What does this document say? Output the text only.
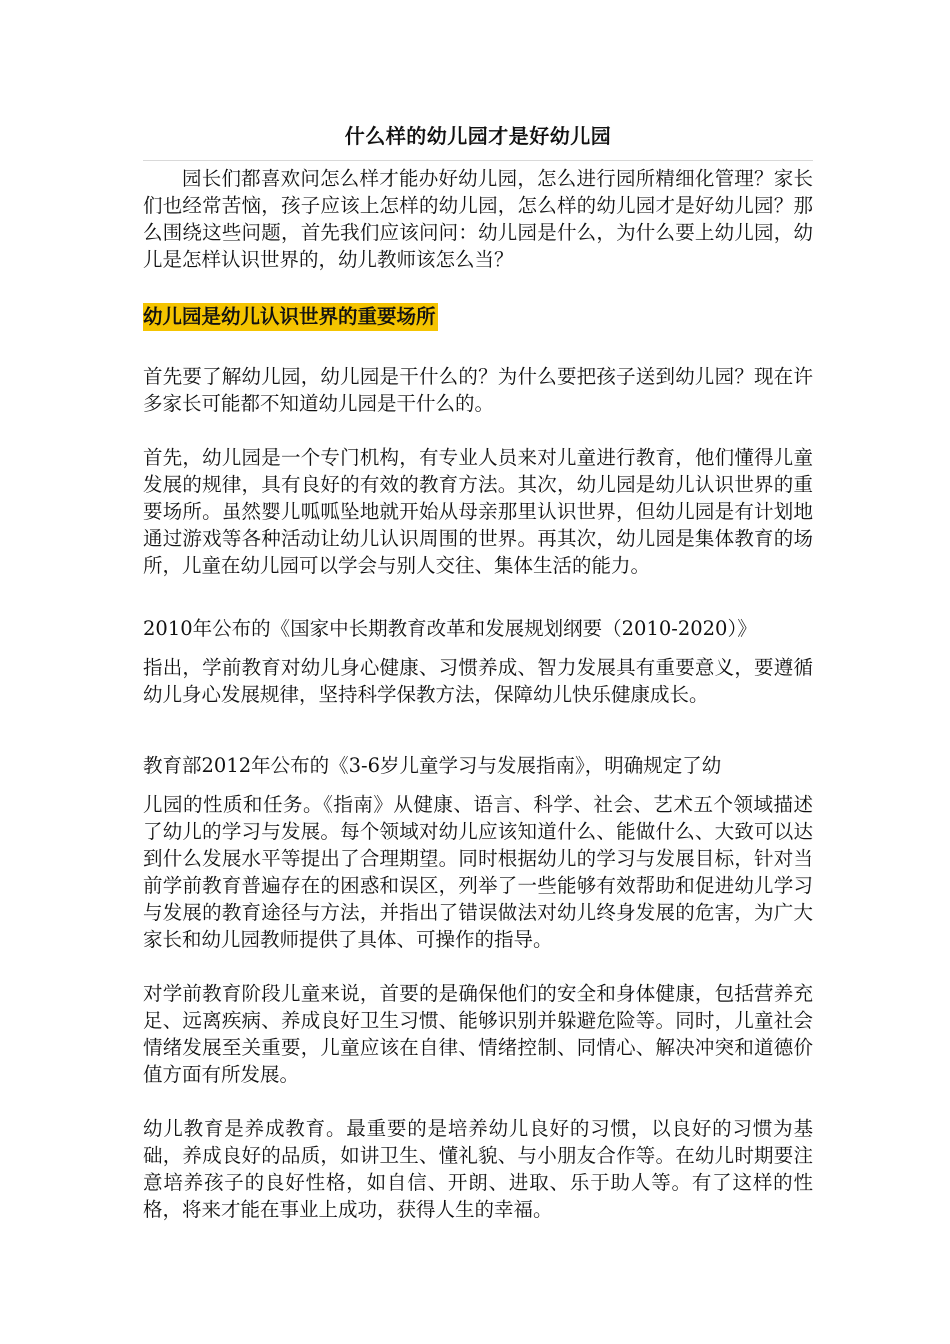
什么样的幼儿园才是好幼儿园

园长们都喜欢问怎么样才能办好幼儿园，怎么进行园所精细化管理？家长们也经常苦恼，孩子应该上怎样的幼儿园，怎么样的幼儿园才是好幼儿园？那么围绕这些问题，首先我们应该问问：幼儿园是什么，为什么要上幼儿园，幼儿是怎样认识世界的，幼儿教师该怎么当？

幼儿园是幼儿认识世界的重要场所

首先要了解幼儿园，幼儿园是干什么的？为什么要把孩子送到幼儿园？现在许多家长可能都不知道幼儿园是干什么的。

首先，幼儿园是一个专门机构，有专业人员来对儿童进行教育，他们懂得儿童发展的规律，具有良好的有效的教育方法。其次，幼儿园是幼儿认识世界的重要场所。虽然婴儿呱呱坠地就开始从母亲那里认识世界，但幼儿园是有计划地通过游戏等各种活动让幼儿认识周围的世界。再其次，幼儿园是集体教育的场所，儿童在幼儿园可以学会与别人交往、集体生活的能力。

2010年公布的《国家中长期教育改革和发展规划纲要（2010-2020）》

指出，学前教育对幼儿身心健康、习惯养成、智力发展具有重要意义，要遵循幼儿身心发展规律，坚持科学保教方法，保障幼儿快乐健康成长。

教育部2012年公布的《3-6岁儿童学习与发展指南》，明确规定了幼

儿园的性质和任务。《指南》从健康、语言、科学、社会、艺术五个领域描述了幼儿的学习与发展。每个领域对幼儿应该知道什么、能做什么、大致可以达到什么发展水平等提出了合理期望。同时根据幼儿的学习与发展目标，针对当前学前教育普遍存在的困惑和误区，列举了一些能够有效帮助和促进幼儿学习与发展的教育途径与方法，并指出了错误做法对幼儿终身发展的危害，为广大家长和幼儿园教师提供了具体、可操作的指导。

对学前教育阶段儿童来说，首要的是确保他们的安全和身体健康，包括营养充足、远离疾病、养成良好卫生习惯、能够识别并躲避危险等。同时，儿童社会情绪发展至关重要，儿童应该在自律、情绪控制、同情心、解决冲突和道德价值方面有所发展。

幼儿教育是养成教育。最重要的是培养幼儿良好的习惯，以良好的习惯为基础，养成良好的品质，如讲卫生、懂礼貌、与小朋友合作等。在幼儿时期要注意培养孩子的良好性格，如自信、开朗、进取、乐于助人等。有了这样的性格，将来才能在事业上成功，获得人生的幸福。
